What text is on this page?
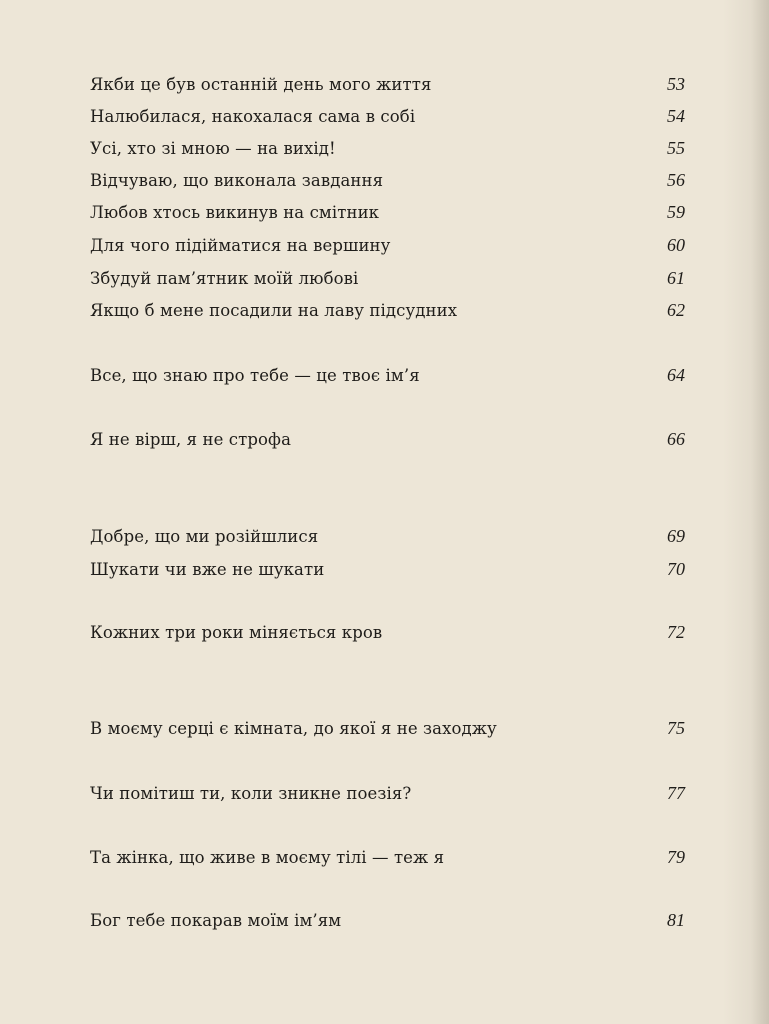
Якби це був останній день мого життя	53
Налюбилася, накохалася сама в собі	54
Усі, хто зі мною — на вихід!	55
Відчуваю, що виконала завдання	56
Любов хтось викинув на смітник	59
Для чого підійматися на вершину	60
Збудуй пам’ятник моїй любові	61
Якщо б мене посадили на лаву підсудних	62
Все, що знаю про тебе — це твоє ім’я	64
Я не вірш, я не строфа	66
Добре, що ми розійшлися	69
Шукати чи вже не шукати	70
Кожних три роки міняється кров	72
В моєму серці є кімната, до якої я не заходжу	75
Чи помітиш ти, коли зникне поезія?	77
Та жінка, що живе в моєму тілі — теж я	79
Бог тебе покарав моїм ім’ям	81
